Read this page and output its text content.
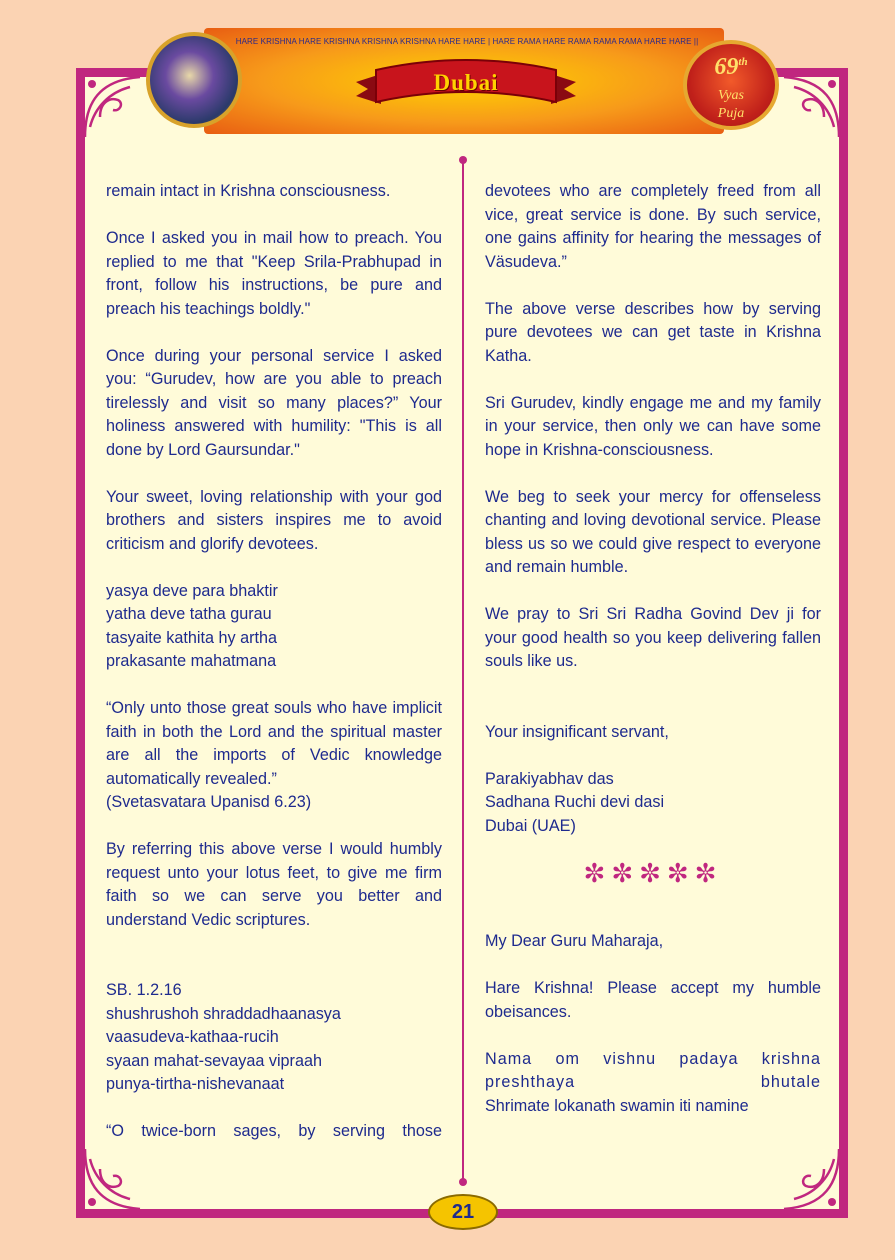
HARE KRISHNA HARE KRISHNA KRISHNA KRISHNA HARE HARE | HARE RAMA HARE RAMA RAMA RAMA HARE HARE ||
Dubai
69th
Vyas
Puja

remain intact in Krishna consciousness.

Once I asked you in mail how to preach. You replied to me that "Keep Srila-Prabhupad in front, follow his instructions, be pure and preach his teachings boldly."

Once during your personal service I asked you: “Gurudev, how are you able to preach tirelessly and visit so many places?” Your holiness answered with humility: "This is all done by Lord Gaursundar."

Your sweet, loving relationship with your god brothers and sisters inspires me to avoid criticism and glorify devotees.

yasya deve para bhaktir
yatha deve tatha gurau
tasyaite kathita hy artha
prakasante mahatmana

“Only unto those great souls who have implicit faith in both the Lord and the spiritual master are all the imports of Vedic knowledge automatically revealed.”
(Svetasvatara Upanisd 6.23)

By referring this above verse I would humbly request unto your lotus feet, to give me firm faith so we can serve you better and understand Vedic scriptures.

SB. 1.2.16
shushrushoh shraddadhaanasya
vaasudeva-kathaa-rucih
syaan mahat-sevayaa vipraah
punya-tirtha-nishevanaat

“O twice-born sages, by serving those

devotees who are completely freed from all vice, great service is done. By such service, one gains affinity for hearing the messages of Väsudeva.”

The above verse describes how by serving pure devotees we can get taste in Krishna Katha.

Sri Gurudev, kindly engage me and my family in your service, then only we can have some hope in Krishna-consciousness.

We beg to seek your mercy for offenseless chanting and loving devotional service. Please bless us so we could give respect to everyone and remain humble.

We pray to Sri Sri Radha Govind Dev ji for your good health so you keep delivering fallen souls like us.

Your insignificant servant,

Parakiyabhav das
Sadhana Ruchi devi dasi
Dubai (UAE)

✼✼✼✼✼

My Dear Guru Maharaja,

Hare Krishna! Please accept my humble obeisances.

Nama om vishnu padaya krishna preshthaya bhutale
Shrimate lokanath swamin iti namine

21
